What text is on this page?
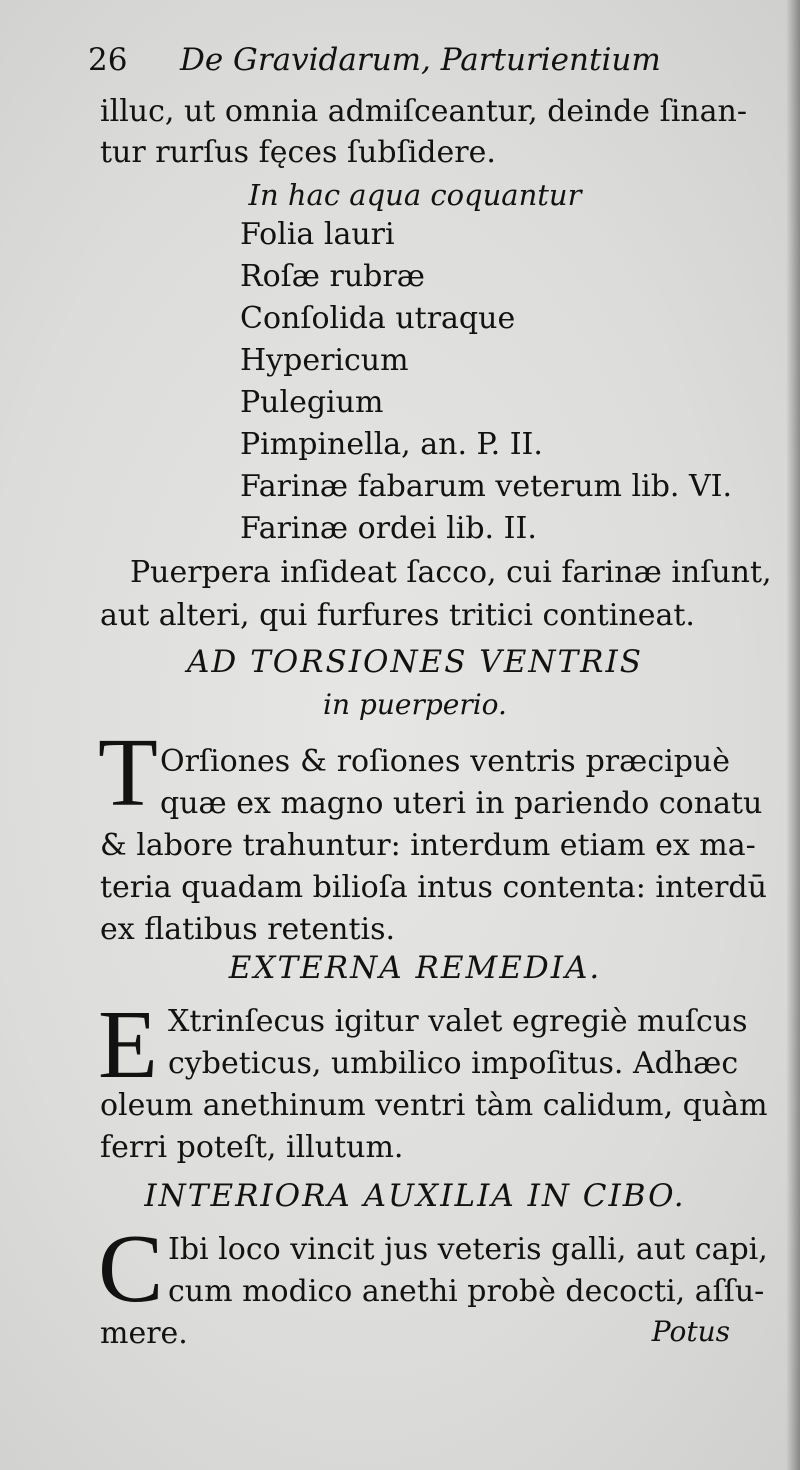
26 De Gravidarum, Parturientium
illuc, ut omnia admiſceantur, deinde ſinan-
tur rurſus fęces ſubſidere.
In hac aqua coquantur
Folia lauri
Roſæ rubræ
Conſolida utraque
Hypericum
Pulegium
Pimpinella, an. P. II.
Farinæ fabarum veterum lib. VI.
Farinæ ordei lib. II.
Puerpera inſideat ſacco, cui farinæ inſunt,
aut alteri, qui furfures tritici contineat.
AD TORSIONES VENTRIS
in puerperio.
T Orſiones & roſiones ventris præcipuè
quæ ex magno uteri in pariendo conatu
& labore trahuntur: interdum etiam ex ma-
teria quadam bilioſa intus contenta: interdū
ex flatibus retentis.
EXTERNA REMEDIA.
E Xtrinſecus igitur valet egregiè muſcus
cybeticus, umbilico impoſitus. Adhæc
oleum anethinum ventri tàm calidum, quàm
ferri poteſt, illutum.
INTERIORA AUXILIA IN CIBO.
C Ibi loco vincit jus veteris galli, aut capi,
cum modico anethi probè decocti, aſſu-
mere.	Potus
